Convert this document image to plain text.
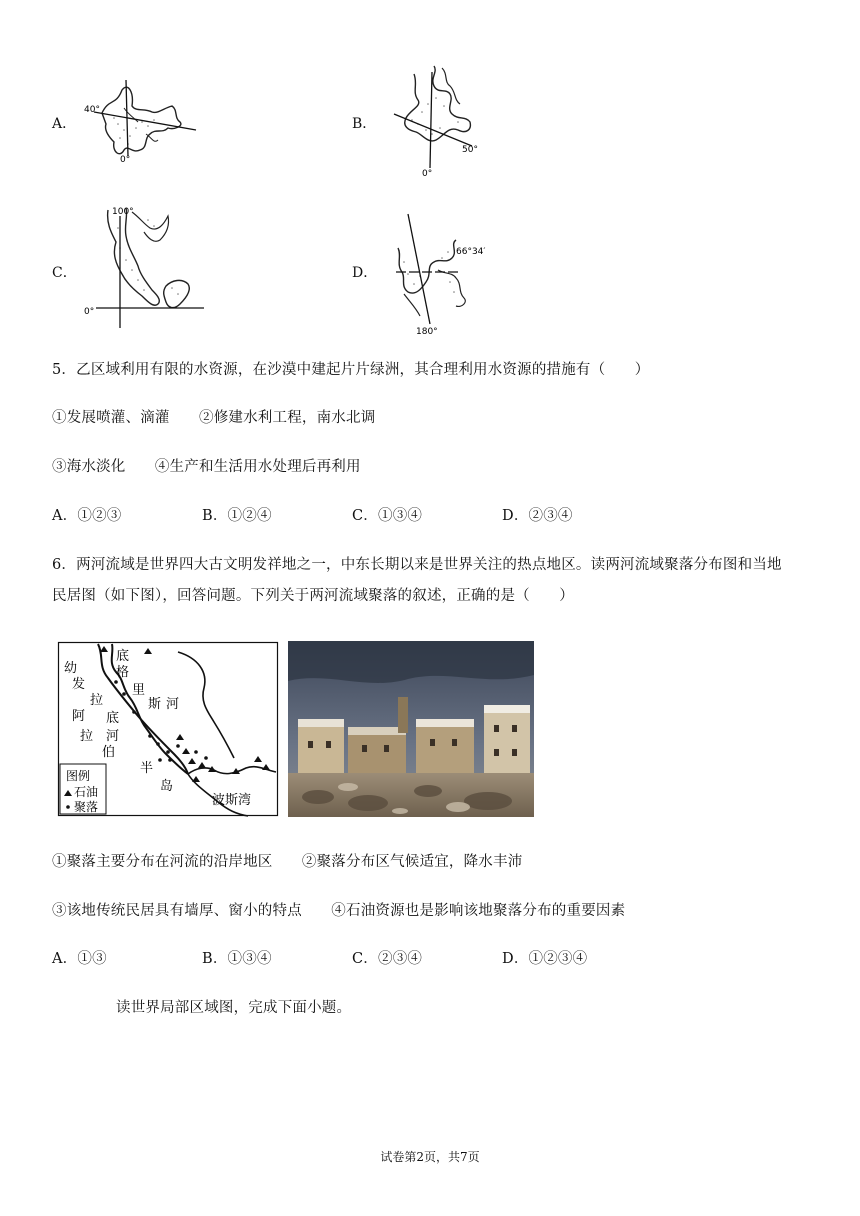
A．	B．
C．	D．
40°
0°
50°
0°
100°
0°
66°34′
180°
5．乙区域利用有限的水资源，在沙漠中建起片片绿洲，其合理利用水资源的措施有（　　）
①发展喷灌、滴灌　　②修建水利工程，南水北调
③海水淡化　　④生产和生活用水处理后再利用
A．①②③	B．①②④	C．①③④	D．②③④
6．两河流域是世界四大古文明发祥地之一，中东长期以来是世界关注的热点地区。读两河流域聚落分布图和当地
民居图（如下图），回答问题。下列关于两河流域聚落的叙述，正确的是（　　）
底
格
里
斯 河
幼
发
拉
底
河
阿
拉
伯
半
岛
波斯湾
图例
石油
聚落
①聚落主要分布在河流的沿岸地区　　②聚落分布区气候适宜，降水丰沛
③该地传统民居具有墙厚、窗小的特点　　④石油资源也是影响该地聚落分布的重要因素
A．①③	B．①③④	C．②③④	D．①②③④
读世界局部区域图，完成下面小题。
试卷第2页，共7页
